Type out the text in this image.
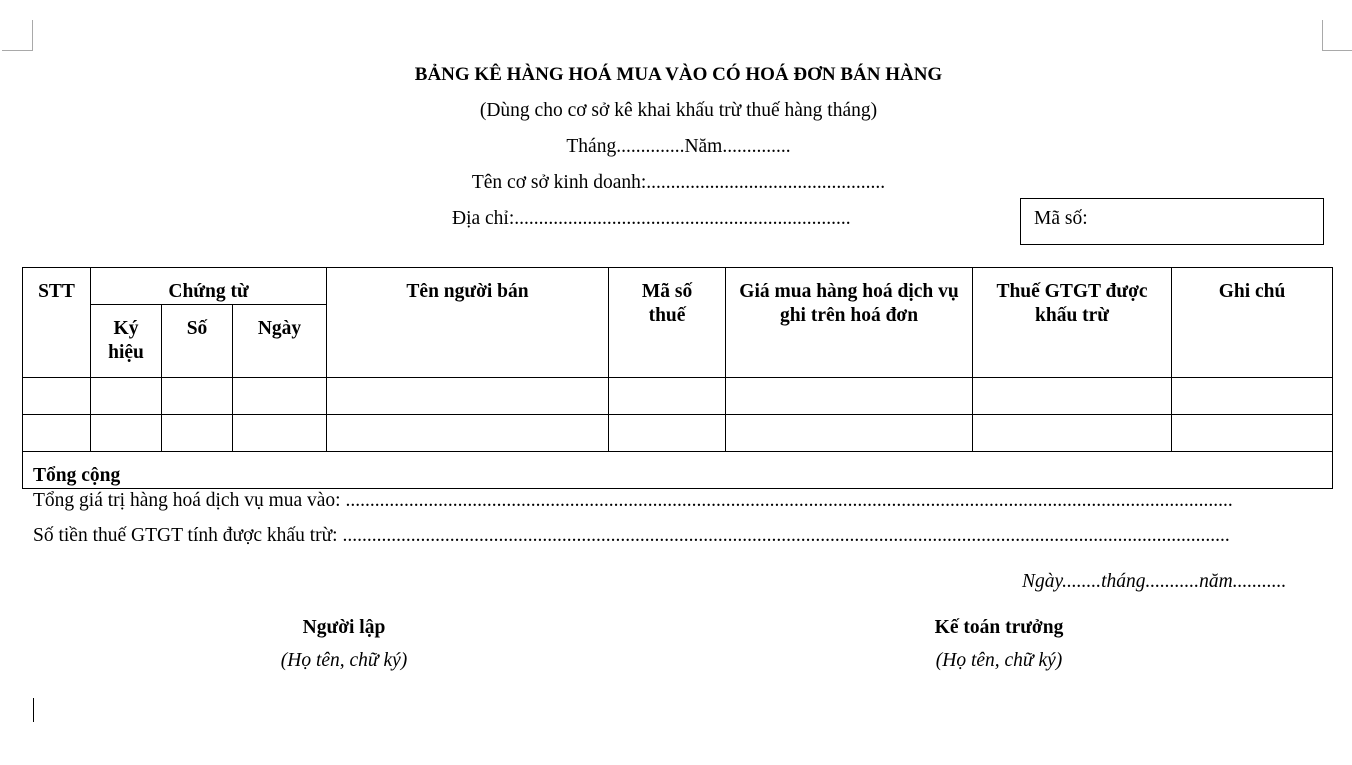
BẢNG KÊ HÀNG HOÁ MUA VÀO CÓ HOÁ ĐƠN BÁN HÀNG
(Dùng cho cơ sở kê khai khấu trừ thuế hàng tháng)
Tháng..............Năm..............
Tên cơ sở kinh doanh:.................................................
Địa chỉ:.....................................................................	Mã số:
STT	Chứng từ			Tên người bán	Mã số thuế	Giá mua hàng hoá dịch vụ ghi trên hoá đơn	Thuế GTGT được khấu trừ	Ghi chú
	Ký hiệu	Số	Ngày					

Tổng cộng								
Tổng giá trị hàng hoá dịch vụ mua vào: ......................................................................................................................................................................................
Số tiền thuế GTGT tính được khấu trừ: ......................................................................................................................................................................................
Ngày........tháng...........năm...........
Người lập
(Họ tên, chữ ký)
Kế toán trưởng
(Họ tên, chữ ký)
